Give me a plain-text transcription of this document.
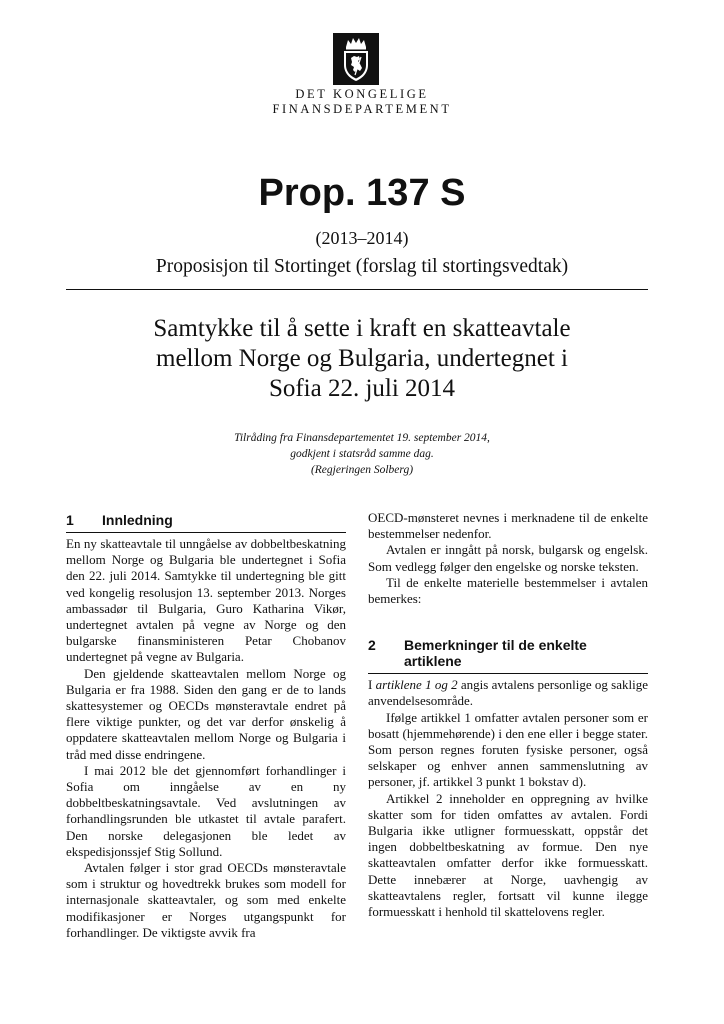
DET KONGELIGE
FINANSDEPARTEMENT
Prop. 137 S
(2013–2014)
Proposisjon til Stortinget (forslag til stortingsvedtak)
Samtykke til å sette i kraft en skatteavtale
mellom Norge og Bulgaria, undertegnet i
Sofia 22. juli 2014
Tilråding fra Finansdepartementet 19. september 2014,
godkjent i statsråd samme dag.
(Regjeringen Solberg)
1	Innledning

En ny skatteavtale til unngåelse av dobbeltbeskatning mellom Norge og Bulgaria ble undertegnet i Sofia den 22. juli 2014. Samtykke til undertegning ble gitt ved kongelig resolusjon 13. september 2013. Norges ambassadør til Bulgaria, Guro Katharina Vikør, undertegnet avtalen på vegne av Norge og den bulgarske finansministeren Petar Chobanov undertegnet på vegne av Bulgaria.

Den gjeldende skatteavtalen mellom Norge og Bulgaria er fra 1988. Siden den gang er de to lands skattesystemer og OECDs mønsteravtale endret på flere viktige punkter, og det var derfor ønskelig å oppdatere skatteavtalen mellom Norge og Bulgaria i tråd med disse endringene.

I mai 2012 ble det gjennomført forhandlinger i Sofia om inngåelse av en ny dobbeltbeskatningsavtale. Ved avslutningen av forhandlingsrunden ble utkastet til avtale parafert. Den norske delegasjonen ble ledet av ekspedisjonssjef Stig Sollund.

Avtalen følger i stor grad OECDs mønsteravtale som i struktur og hovedtrekk brukes som modell for internasjonale skatteavtaler, og som med enkelte modifikasjoner er Norges utgangspunkt for forhandlinger. De viktigste avvik fra

OECD-mønsteret nevnes i merknadene til de enkelte bestemmelser nedenfor.

Avtalen er inngått på norsk, bulgarsk og engelsk. Som vedlegg følger den engelske og norske teksten.

Til de enkelte materielle bestemmelser i avtalen bemerkes:

2	Bemerkninger til de enkelte artiklene

I artiklene 1 og 2 angis avtalens personlige og saklige anvendelsesområde.

Ifølge artikkel 1 omfatter avtalen personer som er bosatt (hjemmehørende) i den ene eller i begge stater. Som person regnes foruten fysiske personer, også selskaper og enhver annen sammenslutning av personer, jf. artikkel 3 punkt 1 bokstav d).

Artikkel 2 inneholder en oppregning av hvilke skatter som for tiden omfattes av avtalen. Fordi Bulgaria ikke utligner formuesskatt, oppstår det ingen dobbeltbeskatning av formue. Den nye skatteavtalen omfatter derfor ikke formuesskatt. Dette innebærer at Norge, uavhengig av skatteavtalens regler, fortsatt vil kunne ilegge formuesskatt i henhold til skattelovens regler.
